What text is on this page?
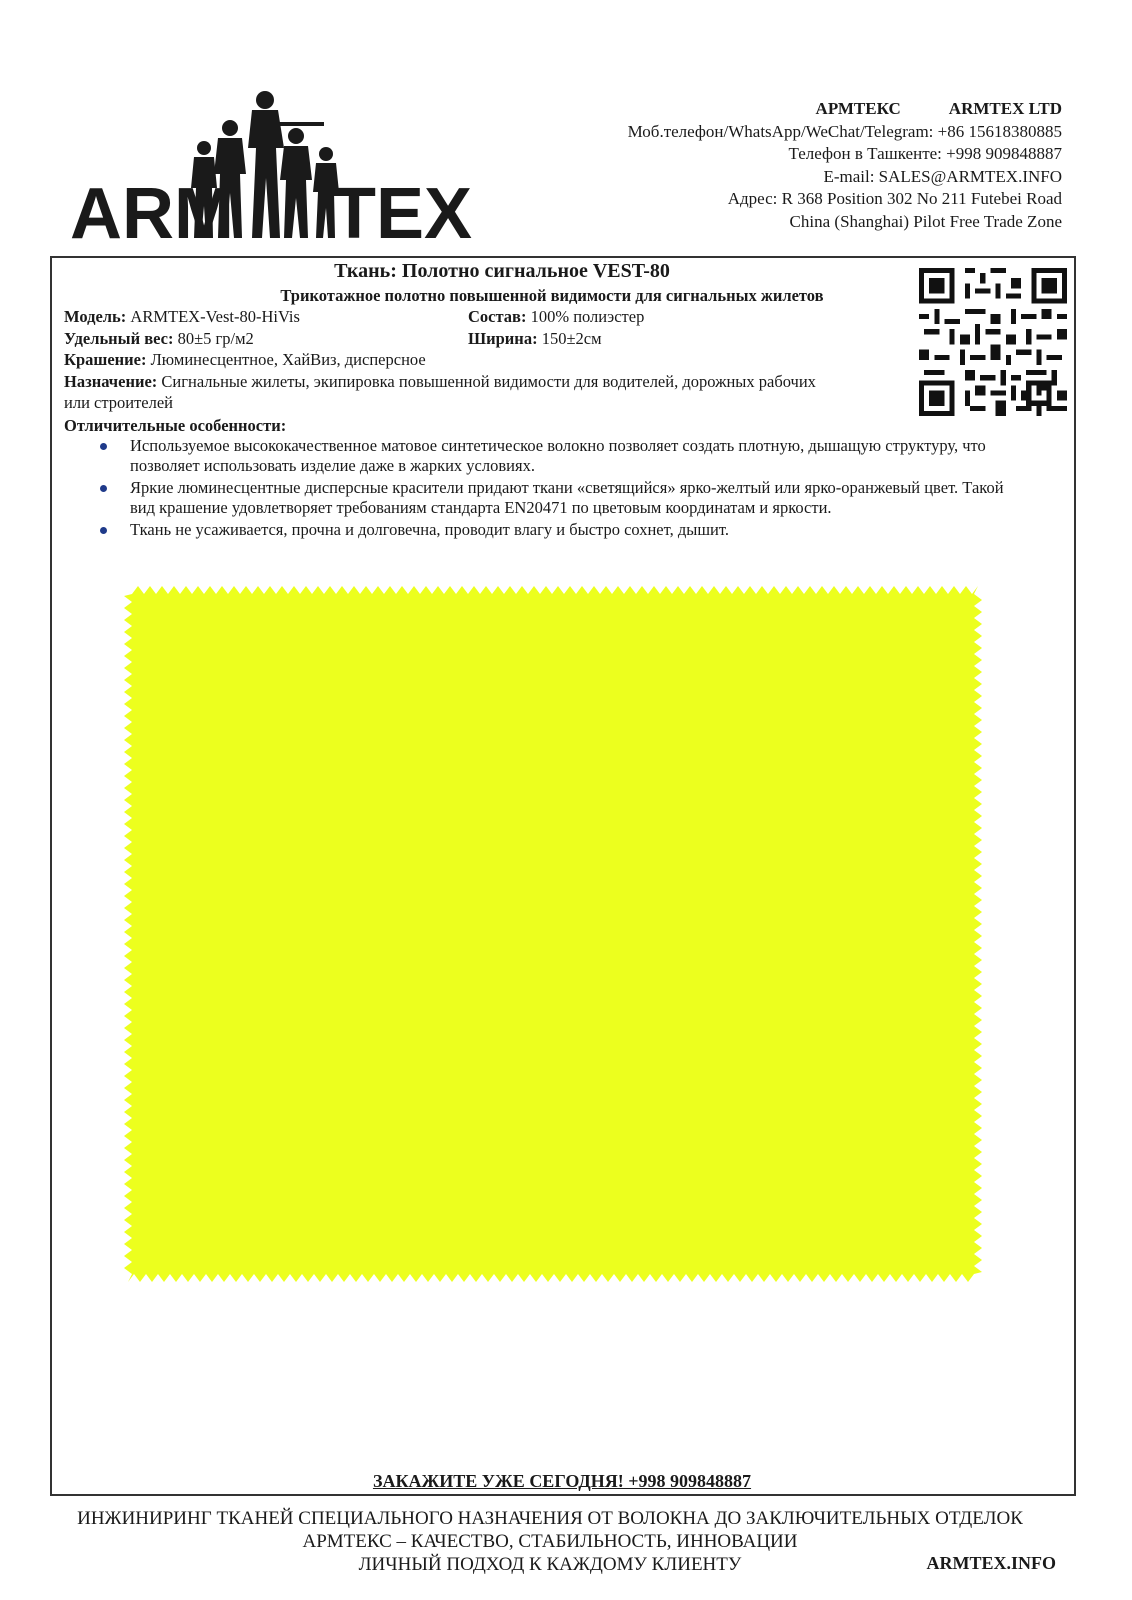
ARM TEX
АРМТЕКС	ARMTEX LTD
Моб.телефон/WhatsApp/WeChat/Telegram: +86 15618380885
Телефон в Ташкенте: +998 909848887
E-mail: SALES@ARMTEX.INFO
Адрес: R 368 Position 302 No 211 Futebei Road
China (Shanghai) Pilot Free Trade Zone
Ткань: Полотно сигнальное VEST-80
Трикотажное полотно повышенной видимости для сигнальных жилетов
Модель: ARMTEX-Vest-80-HiVis	Состав: 100% полиэстер
Удельный вес: 80±5 гр/м2	Ширина: 150±2см
Крашение: Люминесцентное, ХайВиз, дисперсное
Назначение: Сигнальные жилеты, экипировка повышенной видимости для водителей, дорожных рабочих или строителей
Отличительные особенности:
Используемое высококачественное матовое синтетическое волокно позволяет создать плотную, дышащую структуру, что позволяет использовать изделие даже в жарких условиях.
Яркие люминесцентные дисперсные красители придают ткани «светящийся» ярко-желтый или ярко-оранжевый цвет. Такой вид крашение удовлетворяет требованиям стандарта EN20471 по цветовым координатам и яркости.
Ткань не усаживается, прочна и долговечна, проводит влагу и быстро сохнет, дышит.
ЗАКАЖИТЕ УЖЕ СЕГОДНЯ! +998 909848887
ИНЖИНИРИНГ ТКАНЕЙ СПЕЦИАЛЬНОГО НАЗНАЧЕНИЯ ОТ ВОЛОКНА ДО ЗАКЛЮЧИТЕЛЬНЫХ ОТДЕЛОК
АРМТЕКС – КАЧЕСТВО, СТАБИЛЬНОСТЬ, ИННОВАЦИИ
ЛИЧНЫЙ ПОДХОД К КАЖДОМУ КЛИЕНТУ	ARMTEX.INFO
